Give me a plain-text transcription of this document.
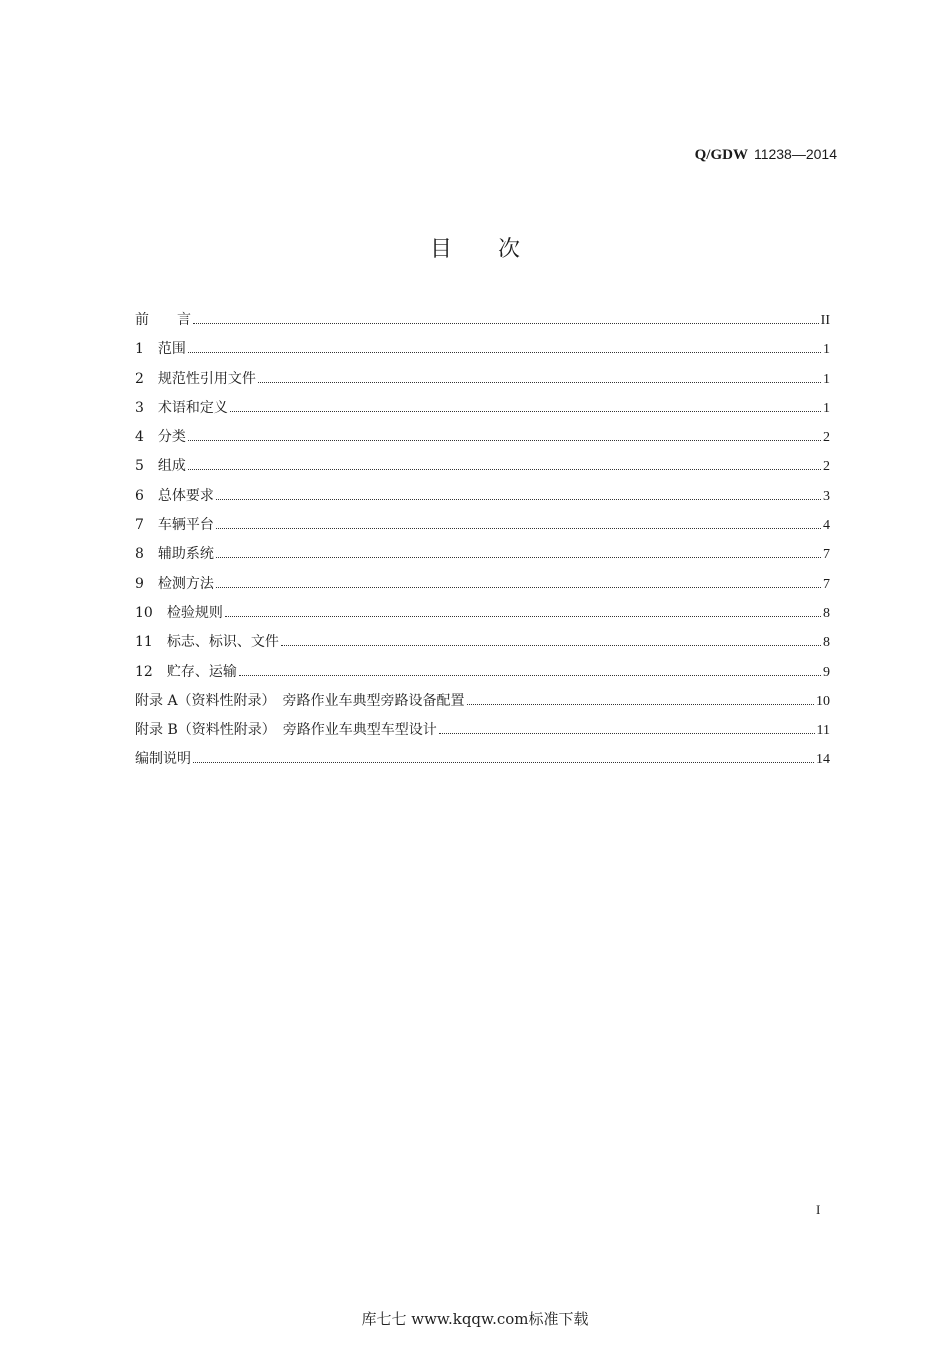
Q/GDW 11238—2014
目次
前　　言	II
1　范围	1
2　规范性引用文件	1
3　术语和定义	1
4　分类	2
5　组成	2
6　总体要求	3
7　车辆平台	4
8　辅助系统	7
9　检测方法	7
10　检验规则	8
11　标志、标识、文件	8
12　贮存、运输	9
附录 A（资料性附录）　旁路作业车典型旁路设备配置	10
附录 B（资料性附录）　旁路作业车典型车型设计	11
编制说明	14
I
库七七 www.kqqw.com标准下载
